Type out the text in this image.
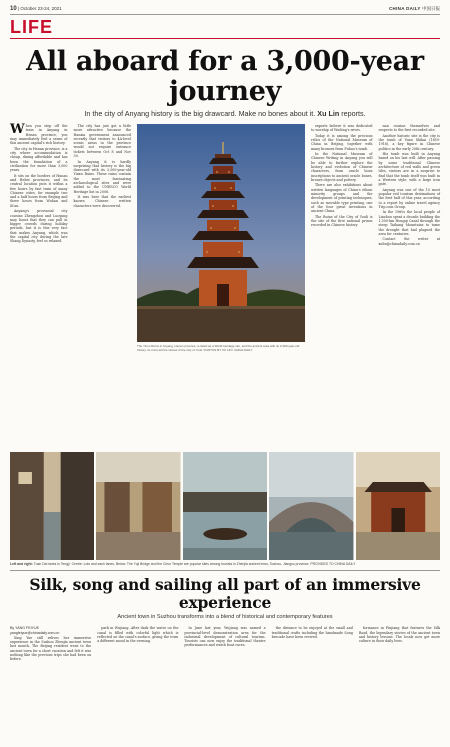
10 | October 23-24, 2021	CHINA DAILY 中国日报
LIFE
All aboard for a 3,000-year journey
In the city of Anyang history is the big drawcard. Make no bones about it. Xu Lin reports.

When you step off the train in Anyang in Henan province, you may immediately feel a sense of this ancient capital's rich history.

The city in Henan province, is a city where accommodation is cheap, dining affordable and has been the foundation of a civilization for more than 3,000 years.

It sits on the borders of Hunan and Hebei provinces, and its central location puts it within a few hours by fast train of many Chinese cities, for example two and a half hours from Beijing and three hours from Wuhan and Xi'an.

Anyang's provincial city cousins Zhengzhou and Luoyang may boast that they can pull in bigger crowds during holiday periods, but it is this very fact that makes Anyang, which was the capital city during the late Shang Dynasty, feel so relaxed.

The city has just got a little more attractive because the Hanxia government announced recently that visitors to 4A-level scenic areas in the province would not require entrance tickets between Oct 8 and Nov 30.

In Anyang it is hardly surprising that history is the big drawcard with its 3,300-year-old Yinxu Ruins. These ruins contain the most fascinating archaeological sites and were added to the UNESCO World Heritage list in 2006.

It was here that the earliest known Chinese written characters were discovered.

The Yinxu Ruins in Anyang, Henan province, is listed as a World Heritage site, and the ancient area with its 3,300-year-old history. Its ruins tell the stories of the City of Youli. PHOTOS BY XU LIN / CHINA DAILY

experts believe it was dedicated to worship of Wuding's wives.

Today it is among the precious relics of the National Museum of China in Beijing, together with many bronzes from Fuhao's tomb.

In the National Museum of Chinese Writing in Anyang you will be able to further explore the history and evolution of Chinese characters, from oracle bone inscriptions to ancient oracle bones, bronze objects and pottery.

There are also exhibitions about written languages of China's ethnic minority groups and the development of printing techniques, such as movable type printing, one of the four great inventions in ancient China.

The Ruins of the City of Youli is the site of the first national prison recorded in Chinese history.

nan cuisine themselves and respects to the first recorded site.

Another historic site is the city is the tomb of Yuan Shikai (1859-1916), a key figure in Chinese politics in the early 20th century.

His tomb was built in Anyang based on his last will. After passing by some traditional Chinese architecture of red walls and green tiles, visitors are in a surprise to find that the tomb itself was built in a Western style, with a large iron gate.

Anyang was one of the 10 most popular red tourism destinations of the first half of this year, according to a report by online travel agency Trip.com Group.

In the 1960s the local people of Linzhou spent a decade building the 1,500-km Hongqi Canal through the steep Taihang Mountains to tame the drought that had plagued the area for centuries.

Contact the writer at xulin@chinadaily.com.cn

Left and right: Tuan Dai lanes in Tengji. Centre: Lots and each lanes. Below: The Yuji Bridge and the Cirun Temple are popular sites among tourists in Zhenjia ancient town, Suzhou, Jiangsu province. PROVIDED TO CHINA DAILY
Silk, song and sailing all part of an immersive experience
Ancient town in Suzhou transforms into a blend of historical and contemporary features

By YANG FEIYUE
yangfeiyue@chinadaily.com.cn

Xing Yue still relives her immersive experience in the Suzhou Zhenjia ancient town last month. The Beijing resident went to the ancient town for a short vacation and felt it was nothing like the previous trips she had been on before.

park in Wujiang. After dark the water on the canal is filled with colorful light which is reflected on the canal's surface, giving the town a different mood in the evening.

In June last year, Wujiang was named a provincial-level demonstration area for the industrial development of cultural tourism. Tourists can now enjoy the traditional theatre performances and watch boat races.

the distance to be enjoyed at the small and traditional crafts including the handmade Song brocade have been revived.

formance in Pinjiang that features the Silk Road, the legendary stories of the ancient town and history lessons. The locals now get more culture in their daily lives.
